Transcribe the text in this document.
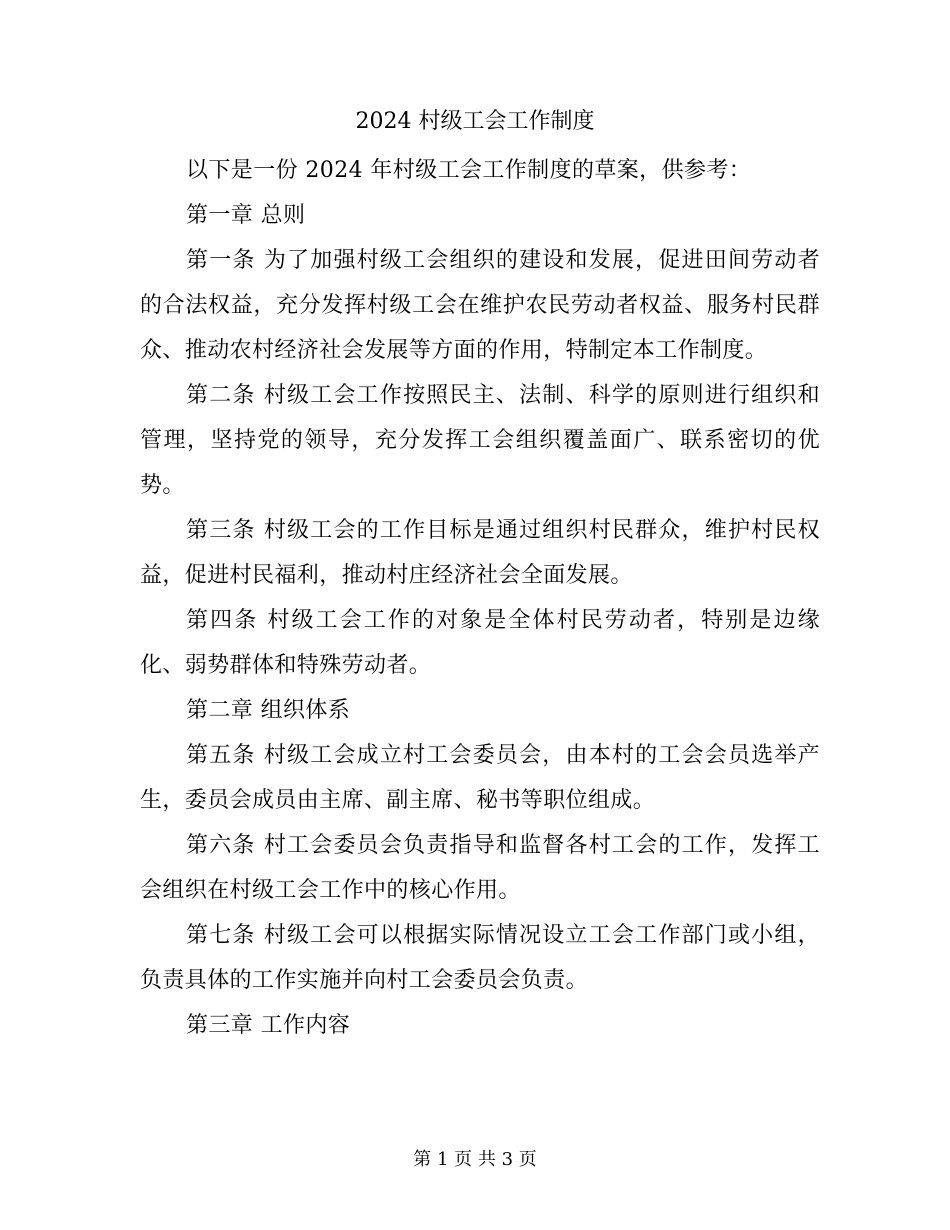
2024 村级工会工作制度

以下是一份 2024 年村级工会工作制度的草案，供参考：

第一章 总则

第一条 为了加强村级工会组织的建设和发展，促进田间劳动者的合法权益，充分发挥村级工会在维护农民劳动者权益、服务村民群众、推动农村经济社会发展等方面的作用，特制定本工作制度。

第二条 村级工会工作按照民主、法制、科学的原则进行组织和管理，坚持党的领导，充分发挥工会组织覆盖面广、联系密切的优势。

第三条 村级工会的工作目标是通过组织村民群众，维护村民权益，促进村民福利，推动村庄经济社会全面发展。

第四条 村级工会工作的对象是全体村民劳动者，特别是边缘化、弱势群体和特殊劳动者。

第二章 组织体系

第五条 村级工会成立村工会委员会，由本村的工会会员选举产生，委员会成员由主席、副主席、秘书等职位组成。

第六条 村工会委员会负责指导和监督各村工会的工作，发挥工会组织在村级工会工作中的核心作用。

第七条 村级工会可以根据实际情况设立工会工作部门或小组，负责具体的工作实施并向村工会委员会负责。

第三章 工作内容

第 1 页 共 3 页
